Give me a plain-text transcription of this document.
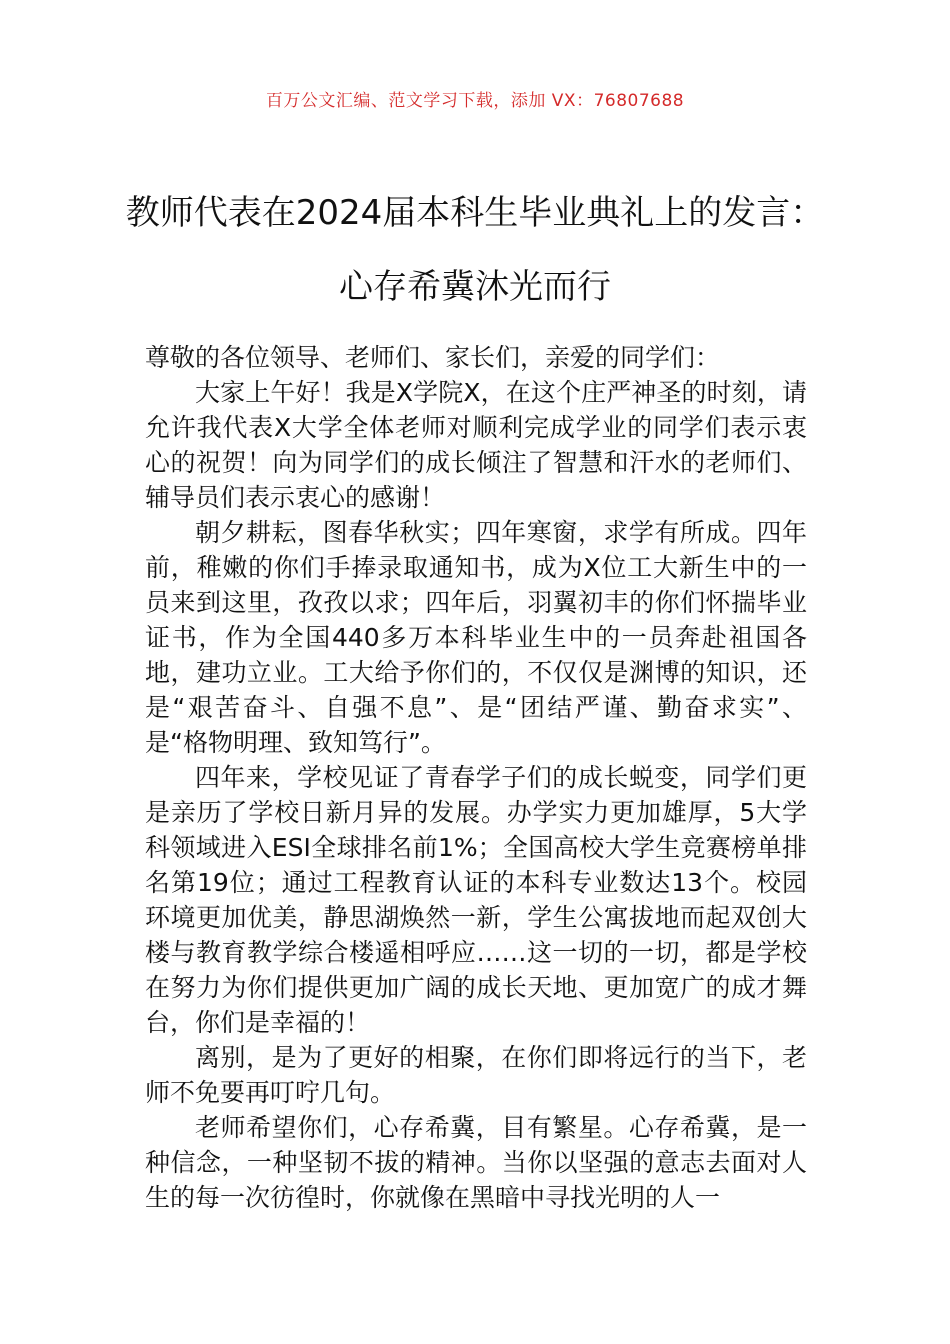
百万公文汇编、范文学习下载，添加 VX：76807688
教师代表在2024届本科生毕业典礼上的发言：心存希冀沐光而行

尊敬的各位领导、老师们、家长们，亲爱的同学们：

大家上午好！我是X学院X，在这个庄严神圣的时刻，请允许我代表X大学全体老师对顺利完成学业的同学们表示衷心的祝贺！向为同学们的成长倾注了智慧和汗水的老师们、辅导员们表示衷心的感谢！

朝夕耕耘，图春华秋实；四年寒窗，求学有所成。四年前，稚嫩的你们手捧录取通知书，成为X位工大新生中的一员来到这里，孜孜以求；四年后，羽翼初丰的你们怀揣毕业证书，作为全国440多万本科毕业生中的一员奔赴祖国各地，建功立业。工大给予你们的，不仅仅是渊博的知识，还是“艰苦奋斗、自强不息”、是“团结严谨、勤奋求实”、是“格物明理、致知笃行”。

四年来，学校见证了青春学子们的成长蜕变，同学们更是亲历了学校日新月异的发展。办学实力更加雄厚，5大学科领域进入ESI全球排名前1%；全国高校大学生竞赛榜单排名第19位；通过工程教育认证的本科专业数达13个。校园环境更加优美，静思湖焕然一新，学生公寓拔地而起双创大楼与教育教学综合楼遥相呼应……这一切的一切，都是学校在努力为你们提供更加广阔的成长天地、更加宽广的成才舞台，你们是幸福的！

离别，是为了更好的相聚，在你们即将远行的当下，老师不免要再叮咛几句。

老师希望你们，心存希冀，目有繁星。心存希冀，是一种信念，一种坚韧不拔的精神。当你以坚强的意志去面对人生的每一次彷徨时，你就像在黑暗中寻找光明的人一
